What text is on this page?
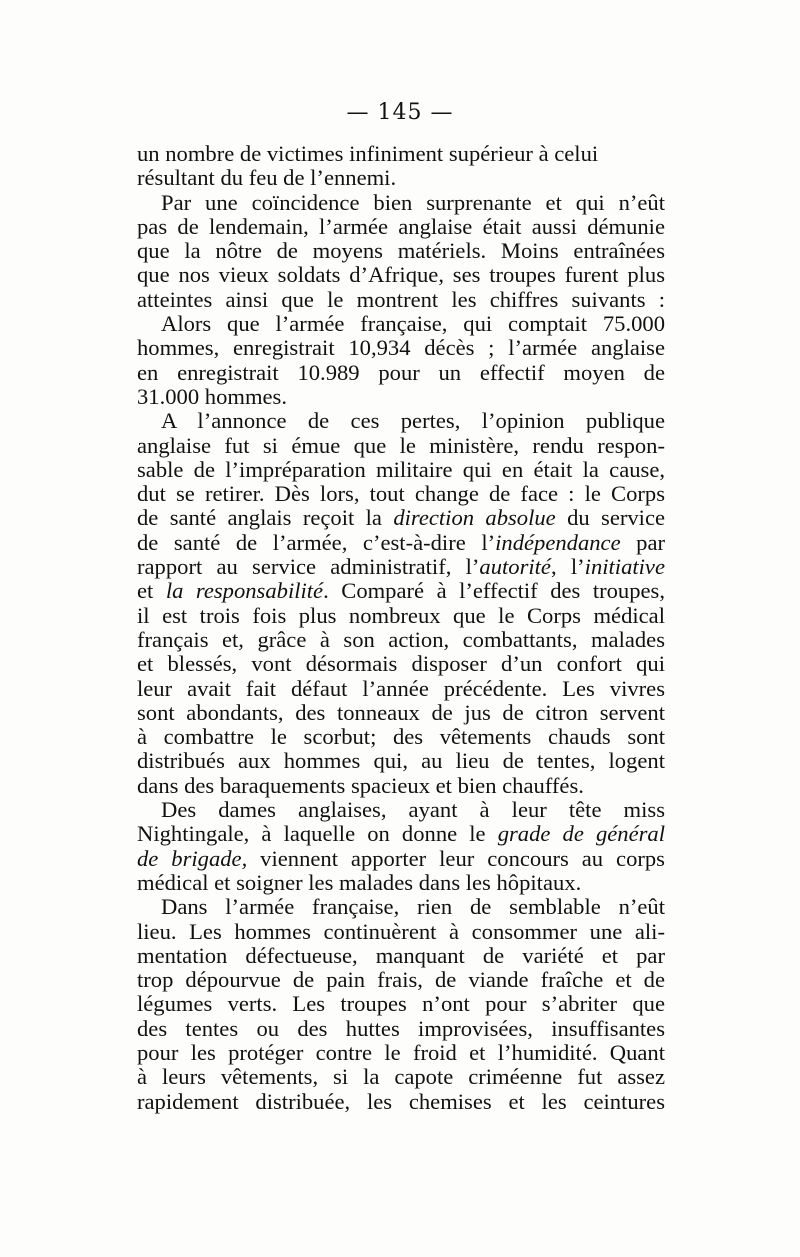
— 145 —

un nombre de victimes infiniment supérieur à celui

résultant du feu de l’ennemi.

Par une coïncidence bien surprenante et qui n’eût

pas de lendemain, l’armée anglaise était aussi démunie

que la nôtre de moyens matériels. Moins entraînées

que nos vieux soldats d’Afrique, ses troupes furent plus

atteintes ainsi que le montrent les chiffres suivants :

Alors que l’armée française, qui comptait 75.000

hommes, enregistrait 10,934 décès ; l’armée anglaise

en enregistrait 10.989 pour un effectif moyen de

31.000 hommes.

A l’annonce de ces pertes, l’opinion publique

anglaise fut si émue que le ministère, rendu respon-

sable de l’impréparation militaire qui en était la cause,

dut se retirer. Dès lors, tout change de face : le Corps

de santé anglais reçoit la direction absolue du service

de santé de l’armée, c’est-à-dire l’indépendance par

rapport au service administratif, l’autorité, l’initiative

et la responsabilité. Comparé à l’effectif des troupes,

il est trois fois plus nombreux que le Corps médical

français et, grâce à son action, combattants, malades

et blessés, vont désormais disposer d’un confort qui

leur avait fait défaut l’année précédente. Les vivres

sont abondants, des tonneaux de jus de citron servent

à combattre le scorbut; des vêtements chauds sont

distribués aux hommes qui, au lieu de tentes, logent

dans des baraquements spacieux et bien chauffés.

Des dames anglaises, ayant à leur tête miss

Nightingale, à laquelle on donne le grade de général

de brigade, viennent apporter leur concours au corps

médical et soigner les malades dans les hôpitaux.

Dans l’armée française, rien de semblable n’eût

lieu. Les hommes continuèrent à consommer une ali-

mentation défectueuse, manquant de variété et par

trop dépourvue de pain frais, de viande fraîche et de

légumes verts. Les troupes n’ont pour s’abriter que

des tentes ou des huttes improvisées, insuffisantes

pour les protéger contre le froid et l’humidité. Quant

à leurs vêtements, si la capote criméenne fut assez

rapidement distribuée, les chemises et les ceintures
